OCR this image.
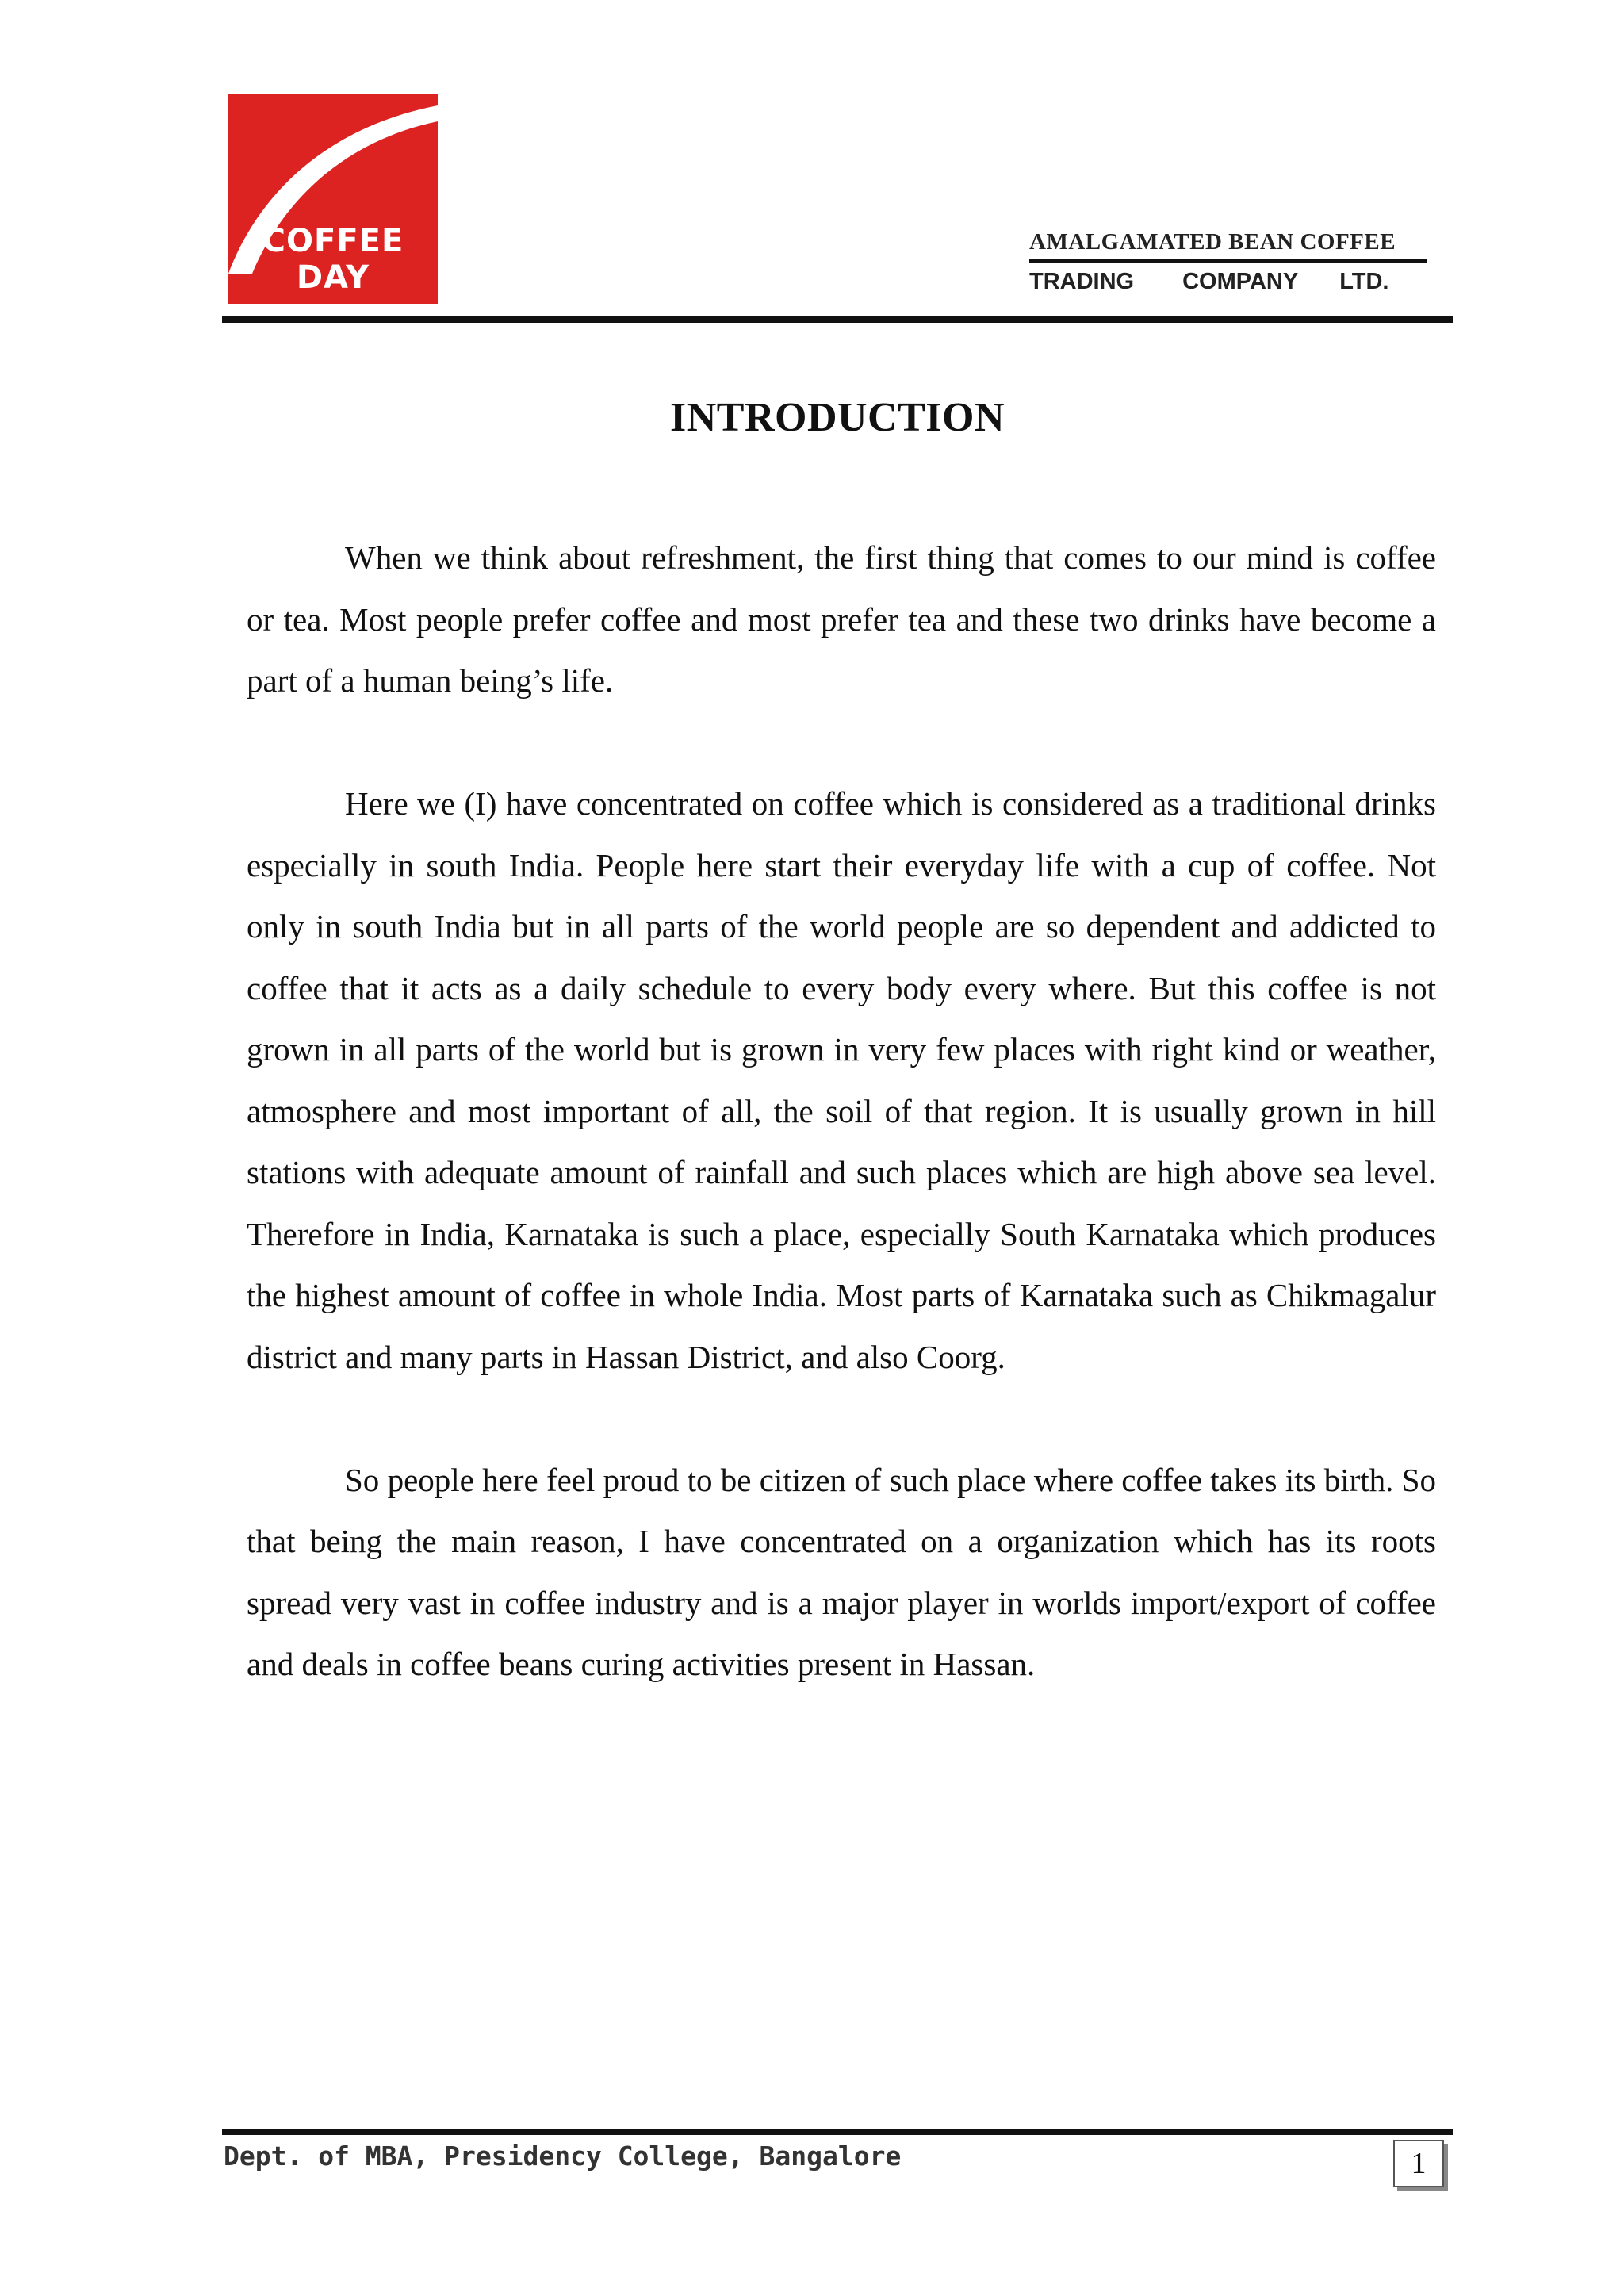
COFFEE DAY
AMALGAMATED BEAN COFFEE
TRADING COMPANY LTD.
INTRODUCTION

When we think about refreshment, the first thing that comes to our mind is coffee or tea. Most people prefer coffee and most prefer tea and these two drinks have become a part of a human being’s life.

Here we (I) have concentrated on coffee which is considered as a traditional drinks especially in south India. People here start their everyday life with a cup of coffee. Not only in south India but in all parts of the world people are so dependent and addicted to coffee that it acts as a daily schedule to every body every where. But this coffee is not grown in all parts of the world but is grown in very few places with right kind or weather, atmosphere and most important of all, the soil of that region. It is usually grown in hill stations with adequate amount of rainfall and such places which are high above sea level. Therefore in India, Karnataka is such a place, especially South Karnataka which produces the highest amount of coffee in whole India. Most parts of Karnataka such as Chikmagalur district and many parts in Hassan District, and also Coorg.

So people here feel proud to be citizen of such place where coffee takes its birth. So that being the main reason, I have concentrated on a organization which has its roots spread very vast in coffee industry and is a major player in worlds import/export of coffee and deals in coffee beans curing activities present in Hassan.

Dept. of MBA, Presidency College, Bangalore	1
